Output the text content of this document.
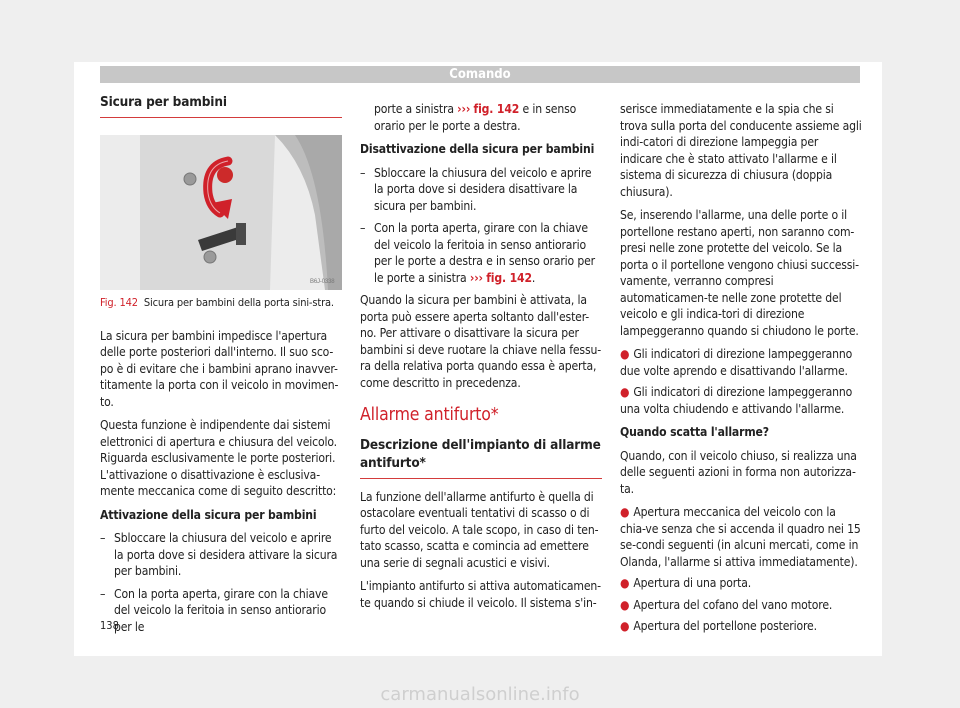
Comando
Sicura per bambini
B6J-0338
Fig. 142 Sicura per bambini della porta sini-stra.

La sicura per bambini impedisce l'apertura delle porte posteriori dall'interno. Il suo sco-po è di evitare che i bambini aprano inavver-titamente la porta con il veicolo in movimen-to.

Questa funzione è indipendente dai sistemi elettronici di apertura e chiusura del veicolo. Riguarda esclusivamente le porte posteriori. L'attivazione o disattivazione è esclusiva-mente meccanica come di seguito descritto:

Attivazione della sicura per bambini

– Sbloccare la chiusura del veicolo e aprire la porta dove si desidera attivare la sicura per bambini.
– Con la porta aperta, girare con la chiave del veicolo la feritoia in senso antiorario per le
porte a sinistra ››› fig. 142 e in senso orario per le porte a destra.

Disattivazione della sicura per bambini

– Sbloccare la chiusura del veicolo e aprire la porta dove si desidera disattivare la sicura per bambini.
– Con la porta aperta, girare con la chiave del veicolo la feritoia in senso antiorario per le porte a destra e in senso orario per le porte a sinistra ››› fig. 142.

Quando la sicura per bambini è attivata, la porta può essere aperta soltanto dall'ester-no. Per attivare o disattivare la sicura per bambini si deve ruotare la chiave nella fessu-ra della relativa porta quando essa è aperta, come descritto in precedenza.

Allarme antifurto*
Descrizione dell'impianto di allarme antifurto*

La funzione dell'allarme antifurto è quella di ostacolare eventuali tentativi di scasso o di furto del veicolo. A tale scopo, in caso di ten-tato scasso, scatta e comincia ad emettere una serie di segnali acustici e visivi.

L'impianto antifurto si attiva automaticamen-te quando si chiude il veicolo. Il sistema s'in-

serisce immediatamente e la spia che si trova sulla porta del conducente assieme agli indi-catori di direzione lampeggia per indicare che è stato attivato l'allarme e il sistema di sicurezza di chiusura (doppia chiusura).

Se, inserendo l'allarme, una delle porte o il portellone restano aperti, non saranno com-presi nelle zone protette del veicolo. Se la porta o il portellone vengono chiusi successi-vamente, verranno compresi automaticamen-te nelle zone protette del veicolo e gli indica-tori di direzione lampeggeranno quando si chiudono le porte.

● Gli indicatori di direzione lampeggeranno due volte aprendo e disattivando l'allarme.
● Gli indicatori di direzione lampeggeranno una volta chiudendo e attivando l'allarme.

Quando scatta l'allarme?

Quando, con il veicolo chiuso, si realizza una delle seguenti azioni in forma non autorizza-ta.

● Apertura meccanica del veicolo con la chia-ve senza che si accenda il quadro nei 15 se-condi seguenti (in alcuni mercati, come in Olanda, l'allarme si attiva immediatamente).
● Apertura di una porta.
● Apertura del cofano del vano motore.
● Apertura del portellone posteriore.
138
carmanualsonline.info
